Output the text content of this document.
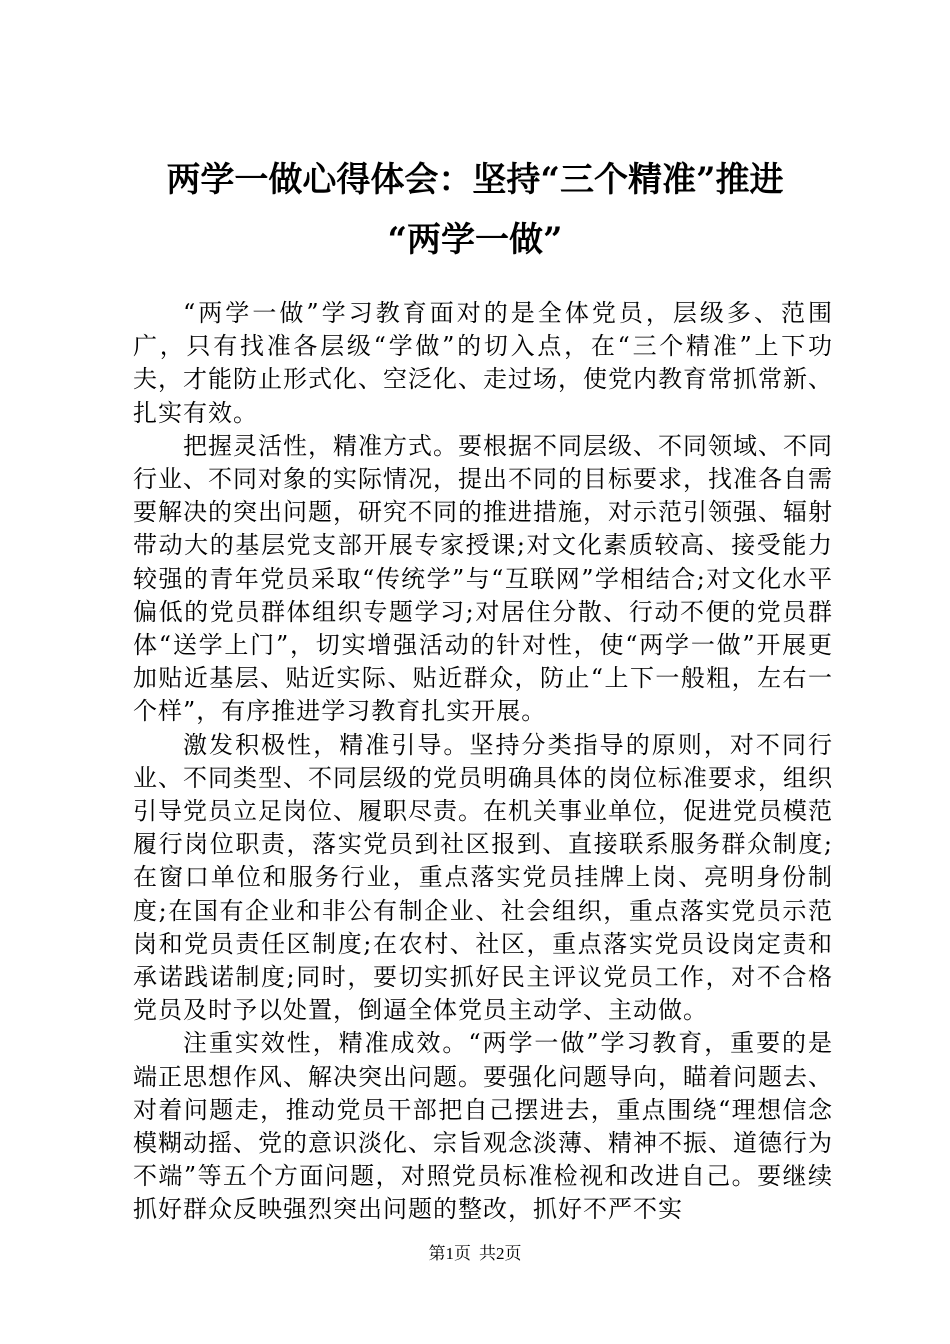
两学一做心得体会：坚持“三个精准”推进
“两学一做”

“两学一做”学习教育面对的是全体党员，层级多、范围广，只有找准各层级“学做”的切入点，在“三个精准”上下功夫，才能防止形式化、空泛化、走过场，使党内教育常抓常新、扎实有效。

把握灵活性，精准方式。要根据不同层级、不同领域、不同行业、不同对象的实际情况，提出不同的目标要求，找准各自需要解决的突出问题，研究不同的推进措施，对示范引领强、辐射带动大的基层党支部开展专家授课;对文化素质较高、接受能力较强的青年党员采取“传统学”与“互联网”学相结合;对文化水平偏低的党员群体组织专题学习;对居住分散、行动不便的党员群体“送学上门”，切实增强活动的针对性，使“两学一做”开展更加贴近基层、贴近实际、贴近群众，防止“上下一般粗，左右一个样”，有序推进学习教育扎实开展。

激发积极性，精准引导。坚持分类指导的原则，对不同行业、不同类型、不同层级的党员明确具体的岗位标准要求，组织引导党员立足岗位、履职尽责。在机关事业单位，促进党员模范履行岗位职责，落实党员到社区报到、直接联系服务群众制度;在窗口单位和服务行业，重点落实党员挂牌上岗、亮明身份制度;在国有企业和非公有制企业、社会组织，重点落实党员示范岗和党员责任区制度;在农村、社区，重点落实党员设岗定责和承诺践诺制度;同时，要切实抓好民主评议党员工作，对不合格党员及时予以处置，倒逼全体党员主动学、主动做。

注重实效性，精准成效。“两学一做”学习教育，重要的是端正思想作风、解决突出问题。要强化问题导向，瞄着问题去、对着问题走，推动党员干部把自己摆进去，重点围绕“理想信念模糊动摇、党的意识淡化、宗旨观念淡薄、精神不振、道德行为不端”等五个方面问题，对照党员标准检视和改进自己。要继续抓好群众反映强烈突出问题的整改，抓好不严不实

第1页 共2页
